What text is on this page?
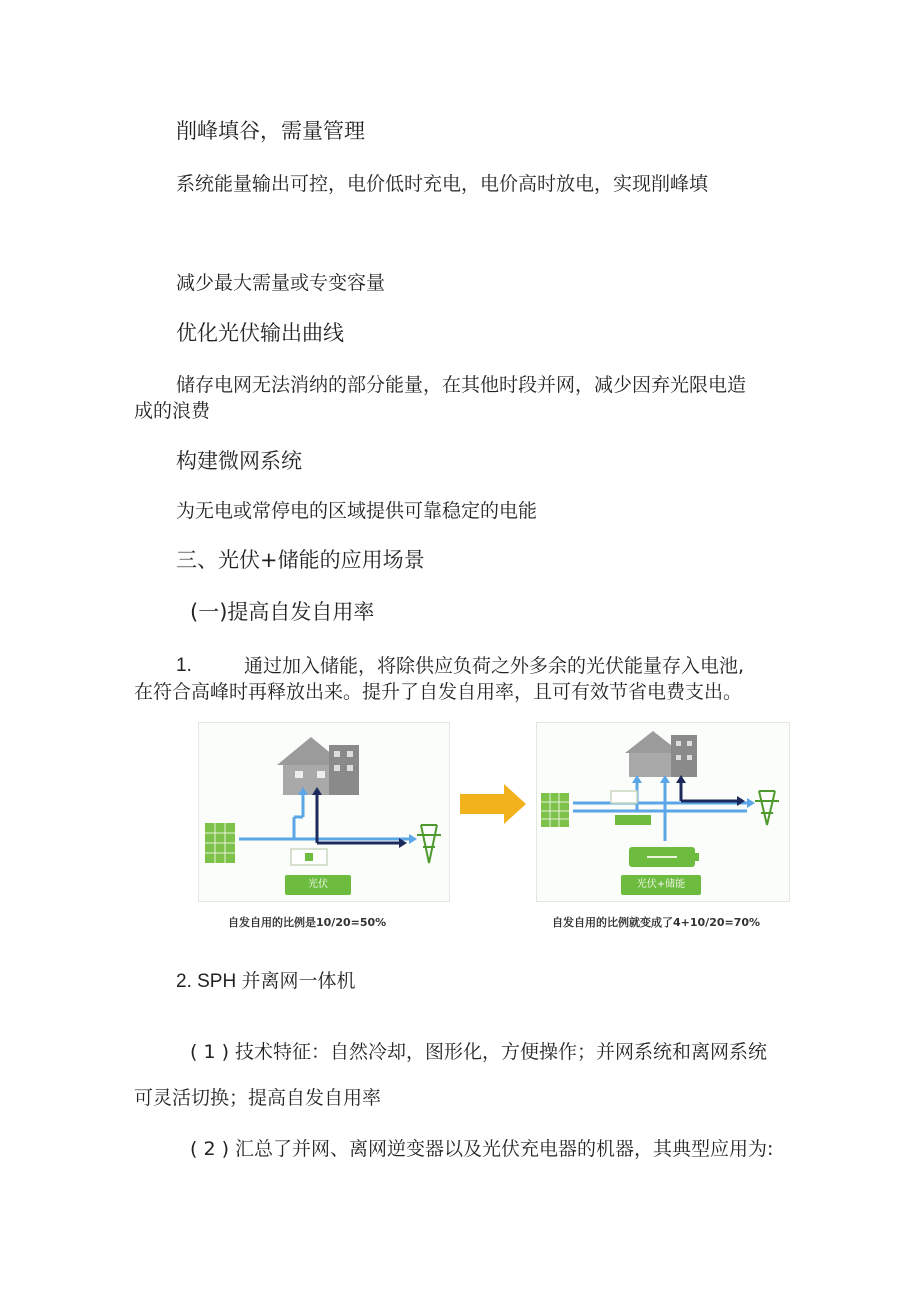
削峰填谷，需量管理
系统能量输出可控，电价低时充电，电价高时放电，实现削峰填
减少最大需量或专变容量
优化光伏输出曲线
储存电网无法消纳的部分能量，在其他时段并网，减少因弃光限电造
成的浪费
构建微网系统
为无电或常停电的区域提供可靠稳定的电能
三、光伏+储能的应用场景
(一)提高自发自用率
1.	通过加入储能，将除供应负荷之外多余的光伏能量存入电池,
在符合高峰时再释放出来。提升了自发自用率，且可有效节省电费支出。
光伏	光伏+储能
自发自用的比例是10/20=50%	自发自用的比例就变成了4+10/20=70%
2. SPH 并离网一体机
( 1 ) 技术特征：自然冷却，图形化，方便操作；并网系统和离网系统
可灵活切换；提高自发自用率
( 2 ) 汇总了并网、离网逆变器以及光伏充电器的机器，其典型应用为:
